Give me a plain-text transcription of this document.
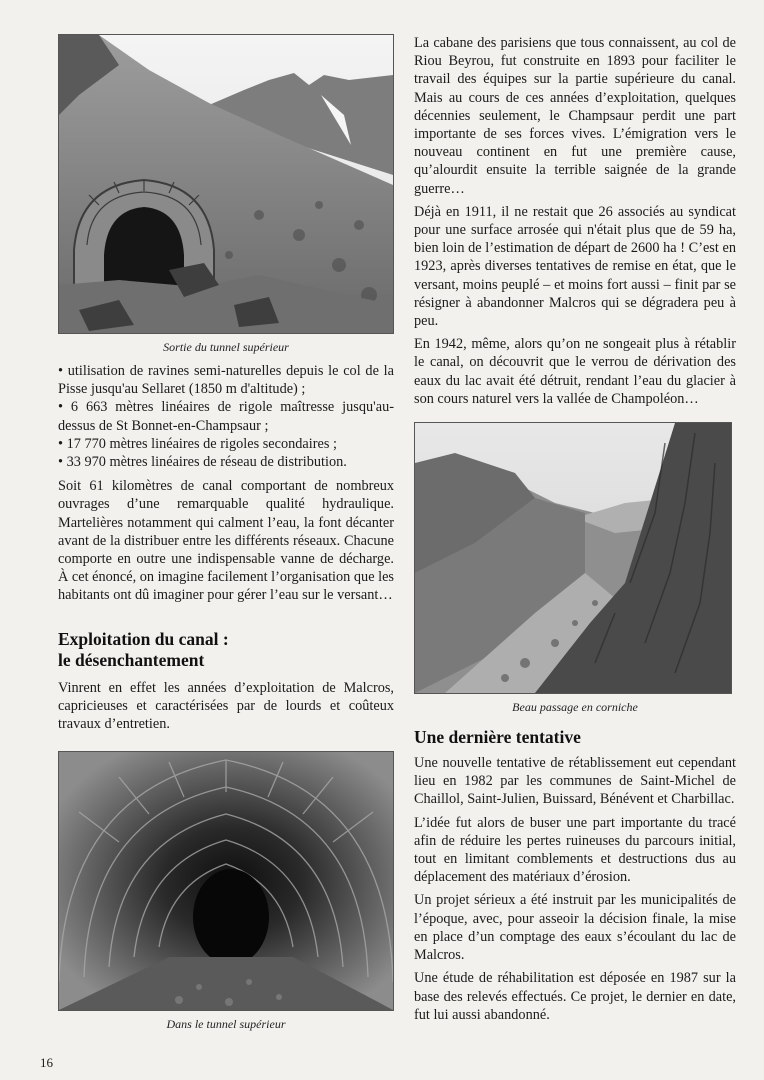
Sortie du tunnel supérieur

• utilisation de ravines semi-naturelles depuis le col de la Pisse jusqu'au Sellaret (1850 m d'altitude) ;
• 6 663 mètres linéaires de rigole maîtresse jusqu'au-dessus de St Bonnet-en-Champsaur ;
• 17 770 mètres linéaires de rigoles secondaires ;
• 33 970 mètres linéaires de réseau de distribution.

Soit 61 kilomètres de canal comportant de nombreux ouvrages d’une remarquable qualité hydraulique. Martelières notamment qui calment l’eau, la font décanter avant de la distribuer entre les différents réseaux. Chacune comporte en outre une indispensable vanne de décharge. À cet énoncé, on imagine facilement l’organisation que les habitants ont dû imaginer pour gérer l’eau sur le versant…

Exploitation du canal :
le désenchantement

Vinrent en effet les années d’exploitation de Malcros, capricieuses et caractérisées par de lourds et coûteux travaux d’entretien.

Dans le tunnel supérieur

La cabane des parisiens que tous connaissent, au col de Riou Beyrou, fut construite en 1893 pour faciliter le travail des équipes sur la partie supérieure du canal. Mais au cours de ces années d’exploitation, quelques décennies seulement, le Champsaur perdit une part importante de ses forces vives. L’émigration vers le nouveau continent en fut une première cause, qu’alourdit ensuite la terrible saignée de la grande guerre…

Déjà en 1911, il ne restait que 26 associés au syndicat pour une surface arrosée qui n'était plus que de 59 ha, bien loin de l’estimation de départ de 2600 ha ! C’est en 1923, après diverses tentatives de remise en état, que le versant, moins peuplé – et moins fort aussi – finit par se résigner à abandonner Malcros qui se dégradera peu à peu.

En 1942, même, alors qu’on ne songeait plus à rétablir le canal, on découvrit que le verrou de dérivation des eaux du lac avait été détruit, rendant l’eau du glacier à son cours naturel vers la vallée de Champoléon…

Beau passage en corniche

Une dernière tentative

Une nouvelle tentative de rétablissement eut cependant lieu en 1982 par les communes de Saint-Michel de Chaillol, Saint-Julien, Buissard, Bénévent et Charbillac.

L’idée fut alors de buser une part importante du tracé afin de réduire les pertes ruineuses du parcours initial, tout en limitant comblements et destructions dus au déplacement des matériaux d’érosion.

Un projet sérieux a été instruit par les municipalités de l’époque, avec, pour asseoir la décision finale, la mise en place d’un comptage des eaux s’écoulant du lac de Malcros.

Une étude de réhabilitation est déposée en 1987 sur la base des relevés effectués. Ce projet, le dernier en date, fut lui aussi abandonné.

16
